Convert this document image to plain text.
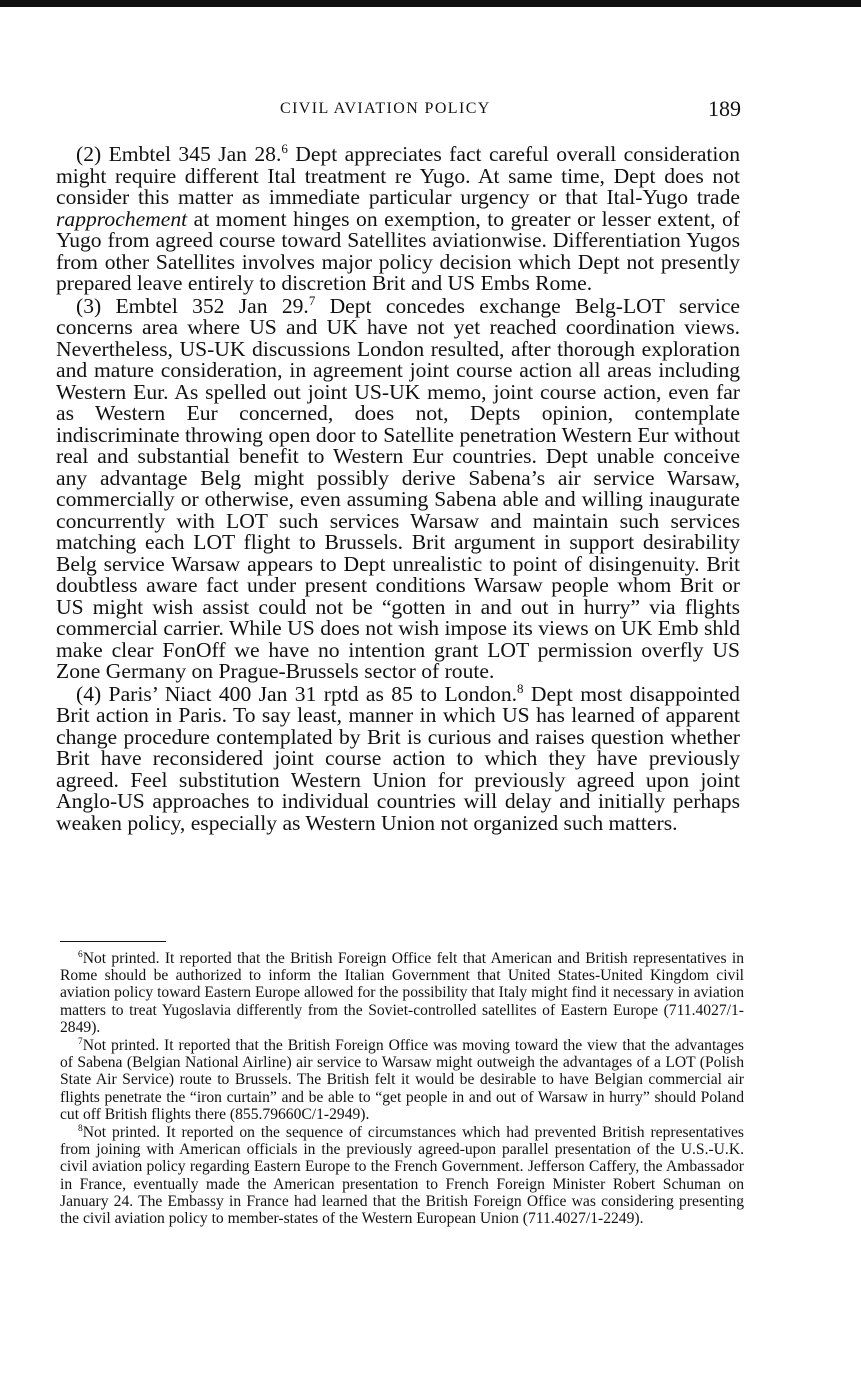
CIVIL AVIATION POLICY	189

(2) Embtel 345 Jan 28.$^6$ Dept appreciates fact careful overall consideration might require different Ital treatment re Yugo. At same time, Dept does not consider this matter as immediate particular urgency or that Ital-Yugo trade rapprochement at moment hinges on exemption, to greater or lesser extent, of Yugo from agreed course toward Satellites aviationwise. Differentiation Yugos from other Satellites involves major policy decision which Dept not presently prepared leave entirely to discretion Brit and US Embs Rome.

(3) Embtel 352 Jan 29.$^7$ Dept concedes exchange Belg-LOT service concerns area where US and UK have not yet reached coordination views. Nevertheless, US-UK discussions London resulted, after thorough exploration and mature consideration, in agreement joint course action all areas including Western Eur. As spelled out joint US-UK memo, joint course action, even far as Western Eur concerned, does not, Depts opinion, contemplate indiscriminate throwing open door to Satellite penetration Western Eur without real and substantial benefit to Western Eur countries. Dept unable conceive any advantage Belg might possibly derive Sabena’s air service Warsaw, commercially or otherwise, even assuming Sabena able and willing inaugurate concurrently with LOT such services Warsaw and maintain such services matching each LOT flight to Brussels. Brit argument in support desirability Belg service Warsaw appears to Dept unrealistic to point of disingenuity. Brit doubtless aware fact under present conditions Warsaw people whom Brit or US might wish assist could not be “gotten in and out in hurry” via flights commercial carrier. While US does not wish impose its views on UK Emb shld make clear FonOff we have no intention grant LOT permission overfly US Zone Germany on Prague-Brussels sector of route.

(4) Paris’ Niact 400 Jan 31 rptd as 85 to London.$^8$ Dept most disappointed Brit action in Paris. To say least, manner in which US has learned of apparent change procedure contemplated by Brit is curious and raises question whether Brit have reconsidered joint course action to which they have previously agreed. Feel substitution Western Union for previously agreed upon joint Anglo-US approaches to individual countries will delay and initially perhaps weaken policy, especially as Western Union not organized such matters.

$^6$Not printed. It reported that the British Foreign Office felt that American and British representatives in Rome should be authorized to inform the Italian Government that United States-United Kingdom civil aviation policy toward Eastern Europe allowed for the possibility that Italy might find it necessary in aviation matters to treat Yugoslavia differently from the Soviet-controlled satellites of Eastern Europe (711.4027/1-2849).

$^7$Not printed. It reported that the British Foreign Office was moving toward the view that the advantages of Sabena (Belgian National Airline) air service to Warsaw might outweigh the advantages of a LOT (Polish State Air Service) route to Brussels. The British felt it would be desirable to have Belgian commercial air flights penetrate the “iron curtain” and be able to “get people in and out of Warsaw in hurry” should Poland cut off British flights there (855.79660C/1-2949).

$^8$Not printed. It reported on the sequence of circumstances which had prevented British representatives from joining with American officials in the previously agreed-upon parallel presentation of the U.S.-U.K. civil aviation policy regarding Eastern Europe to the French Government. Jefferson Caffery, the Ambassador in France, eventually made the American presentation to French Foreign Minister Robert Schuman on January 24. The Embassy in France had learned that the British Foreign Office was considering presenting the civil aviation policy to member-states of the Western European Union (711.4027/1-2249).
